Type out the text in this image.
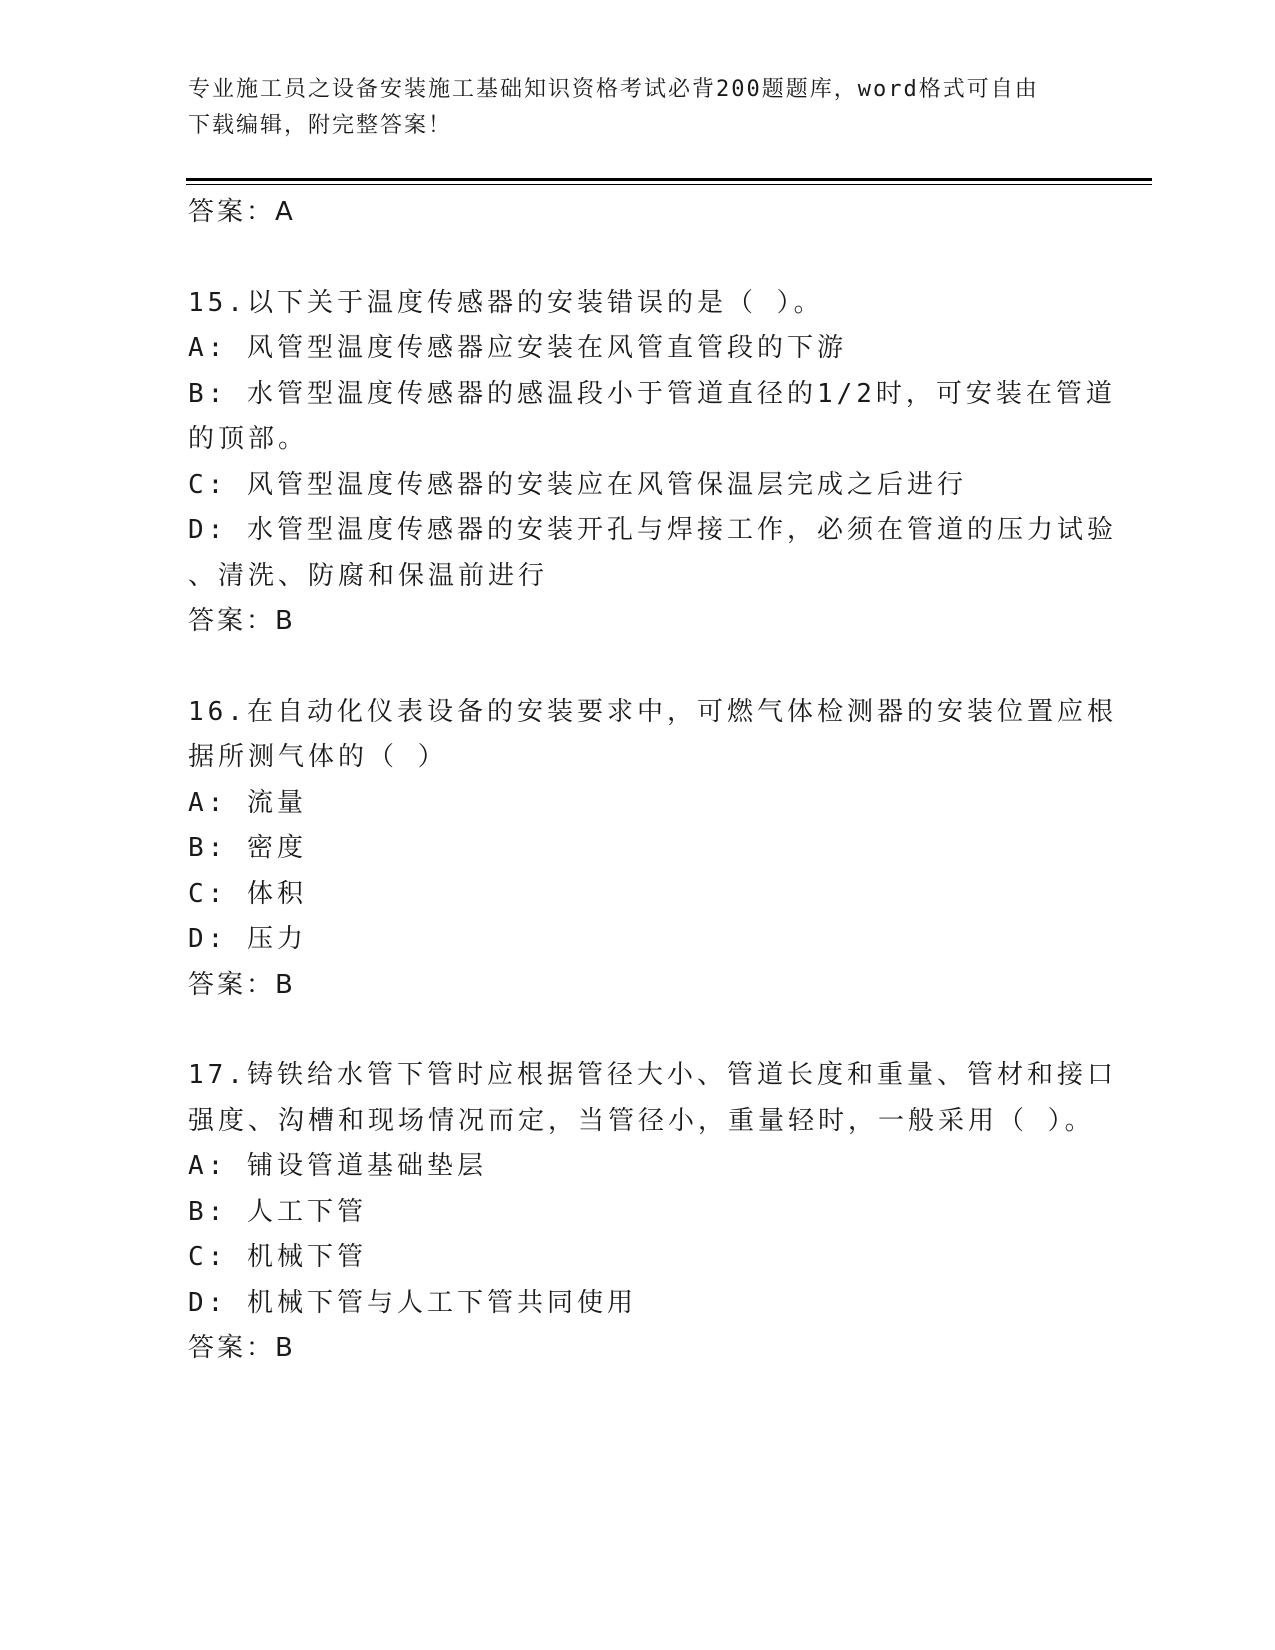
专业施工员之设备安装施工基础知识资格考试必背200题题库，word格式可自由
下载编辑，附完整答案！
答案：A
15.以下关于温度传感器的安装错误的是（ ）。
A: 风管型温度传感器应安装在风管直管段的下游
B: 水管型温度传感器的感温段小于管道直径的1/2时，可安装在管道
的顶部。
C: 风管型温度传感器的安装应在风管保温层完成之后进行
D: 水管型温度传感器的安装开孔与焊接工作，必须在管道的压力试验
、清洗、防腐和保温前进行
答案：B
16.在自动化仪表设备的安装要求中，可燃气体检测器的安装位置应根
据所测气体的（ ）
A: 流量
B: 密度
C: 体积
D: 压力
答案：B
17.铸铁给水管下管时应根据管径大小、管道长度和重量、管材和接口
强度、沟槽和现场情况而定，当管径小，重量轻时，一般采用（ ）。
A: 铺设管道基础垫层
B: 人工下管
C: 机械下管
D: 机械下管与人工下管共同使用
答案：B
